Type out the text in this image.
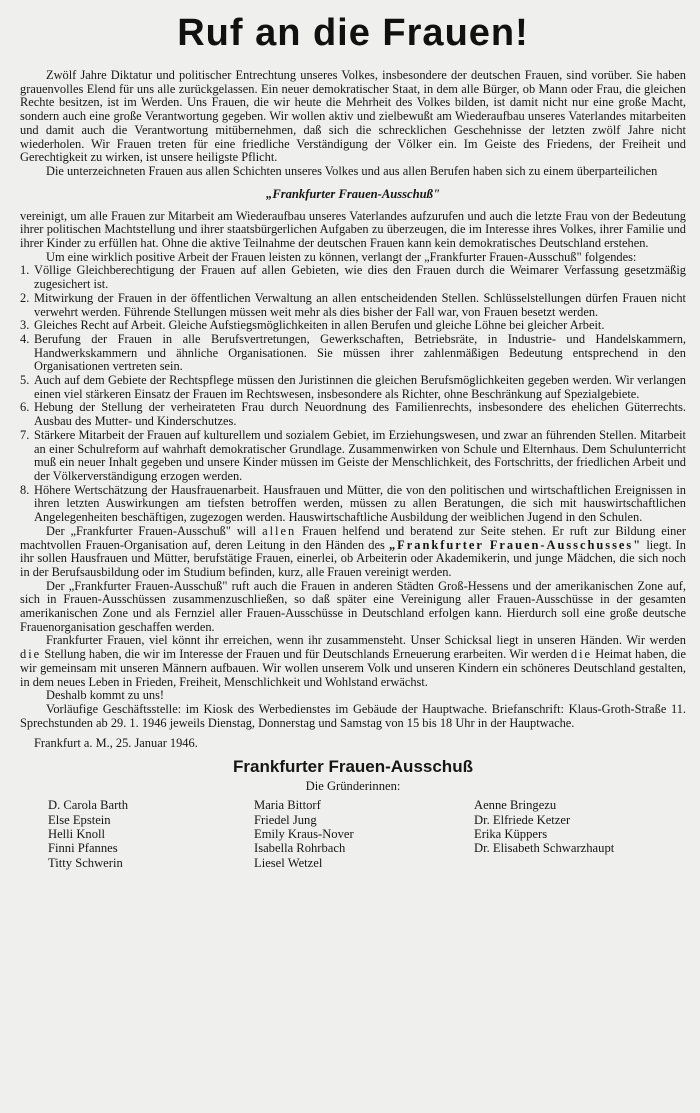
Ruf an die Frauen!

Zwölf Jahre Diktatur und politischer Entrechtung unseres Volkes, insbesondere der deutschen Frauen, sind vorüber. Sie haben grauenvolles Elend für uns alle zurückgelassen. Ein neuer demokratischer Staat, in dem alle Bürger, ob Mann oder Frau, die gleichen Rechte besitzen, ist im Werden. Uns Frauen, die wir heute die Mehrheit des Volkes bilden, ist damit nicht nur eine große Macht, sondern auch eine große Verantwortung gegeben. Wir wollen aktiv und zielbewußt am Wiederaufbau unseres Vaterlandes mitarbeiten und damit auch die Verantwortung mitübernehmen, daß sich die schrecklichen Geschehnisse der letzten zwölf Jahre nicht wiederholen. Wir Frauen treten für eine friedliche Verständigung der Völker ein. Im Geiste des Friedens, der Freiheit und Gerechtigkeit zu wirken, ist unsere heiligste Pflicht.

Die unterzeichneten Frauen aus allen Schichten unseres Volkes und aus allen Berufen haben sich zu einem überparteilichen

„Frankfurter Frauen-Ausschuß"

vereinigt, um alle Frauen zur Mitarbeit am Wiederaufbau unseres Vaterlandes aufzurufen und auch die letzte Frau von der Bedeutung ihrer politischen Machtstellung und ihrer staatsbürgerlichen Aufgaben zu überzeugen, die im Interesse ihres Volkes, ihrer Familie und ihrer Kinder zu erfüllen hat. Ohne die aktive Teilnahme der deutschen Frauen kann kein demokratisches Deutschland erstehen.

Um eine wirklich positive Arbeit der Frauen leisten zu können, verlangt der „Frankfurter Frauen-Ausschuß" folgendes:

1. Völlige Gleichberechtigung der Frauen auf allen Gebieten, wie dies den Frauen durch die Weimarer Verfassung gesetzmäßig zugesichert ist.
2. Mitwirkung der Frauen in der öffentlichen Verwaltung an allen entscheidenden Stellen. Schlüsselstellungen dürfen Frauen nicht verwehrt werden. Führende Stellungen müssen weit mehr als dies bisher der Fall war, von Frauen besetzt werden.
3. Gleiches Recht auf Arbeit. Gleiche Aufstiegsmöglichkeiten in allen Berufen und gleiche Löhne bei gleicher Arbeit.
4. Berufung der Frauen in alle Berufsvertretungen, Gewerkschaften, Betriebsräte, in Industrie- und Handelskammern, Handwerkskammern und ähnliche Organisationen. Sie müssen ihrer zahlenmäßigen Bedeutung entsprechend in den Organisationen vertreten sein.
5. Auch auf dem Gebiete der Rechtspflege müssen den Juristinnen die gleichen Berufsmöglichkeiten gegeben werden. Wir verlangen einen viel stärkeren Einsatz der Frauen im Rechtswesen, insbesondere als Richter, ohne Beschränkung auf Spezialgebiete.
6. Hebung der Stellung der verheirateten Frau durch Neuordnung des Familienrechts, insbesondere des ehelichen Güterrechts. Ausbau des Mutter- und Kinderschutzes.
7. Stärkere Mitarbeit der Frauen auf kulturellem und sozialem Gebiet, im Erziehungswesen, und zwar an führenden Stellen. Mitarbeit an einer Schulreform auf wahrhaft demokratischer Grundlage. Zusammenwirken von Schule und Elternhaus. Dem Schulunterricht muß ein neuer Inhalt gegeben und unsere Kinder müssen im Geiste der Menschlichkeit, des Fortschritts, der friedlichen Arbeit und der Völkerverständigung erzogen werden.
8. Höhere Wertschätzung der Hausfrauenarbeit. Hausfrauen und Mütter, die von den politischen und wirtschaftlichen Ereignissen in ihren letzten Auswirkungen am tiefsten betroffen werden, müssen zu allen Beratungen, die sich mit hauswirtschaftlichen Angelegenheiten beschäftigen, zugezogen werden. Hauswirtschaftliche Ausbildung der weiblichen Jugend in den Schulen.

Der „Frankfurter Frauen-Ausschuß" will allen Frauen helfend und beratend zur Seite stehen. Er ruft zur Bildung einer machtvollen Frauen-Organisation auf, deren Leitung in den Händen des „Frankfurter Frauen-Ausschusses" liegt. In ihr sollen Hausfrauen und Mütter, berufstätige Frauen, einerlei, ob Arbeiterin oder Akademikerin, und junge Mädchen, die sich noch in der Berufsausbildung oder im Studium befinden, kurz, alle Frauen vereinigt werden.

Der „Frankfurter Frauen-Ausschuß" ruft auch die Frauen in anderen Städten Groß-Hessens und der amerikanischen Zone auf, sich in Frauen-Ausschüssen zusammenzuschließen, so daß später eine Vereinigung aller Frauen-Ausschüsse in der gesamten amerikanischen Zone und als Fernziel aller Frauen-Ausschüsse in Deutschland erfolgen kann. Hierdurch soll eine große deutsche Frauenorganisation geschaffen werden.

Frankfurter Frauen, viel könnt ihr erreichen, wenn ihr zusammensteht. Unser Schicksal liegt in unseren Händen. Wir werden die Stellung haben, die wir im Interesse der Frauen und für Deutschlands Erneuerung erarbeiten. Wir werden die Heimat haben, die wir gemeinsam mit unseren Männern aufbauen. Wir wollen unserem Volk und unseren Kindern ein schöneres Deutschland gestalten, in dem neues Leben in Frieden, Freiheit, Menschlichkeit und Wohlstand erwächst.

Deshalb kommt zu uns!

Vorläufige Geschäftsstelle: im Kiosk des Werbedienstes im Gebäude der Hauptwache. Briefanschrift: Klaus-Groth-Straße 11. Sprechstunden ab 29. 1. 1946 jeweils Dienstag, Donnerstag und Samstag von 15 bis 18 Uhr in der Hauptwache.

Frankfurt a. M., 25. Januar 1946.
Frankfurter Frauen-Ausschuß
Die Gründerinnen:
D. Carola Barth
Else Epstein
Helli Knoll
Finni Pfannes
Titty Schwerin
Maria Bittorf
Friedel Jung
Emily Kraus-Nover
Isabella Rohrbach
Liesel Wetzel
Aenne Bringezu
Dr. Elfriede Ketzer
Erika Küppers
Dr. Elisabeth Schwarzhaupt
